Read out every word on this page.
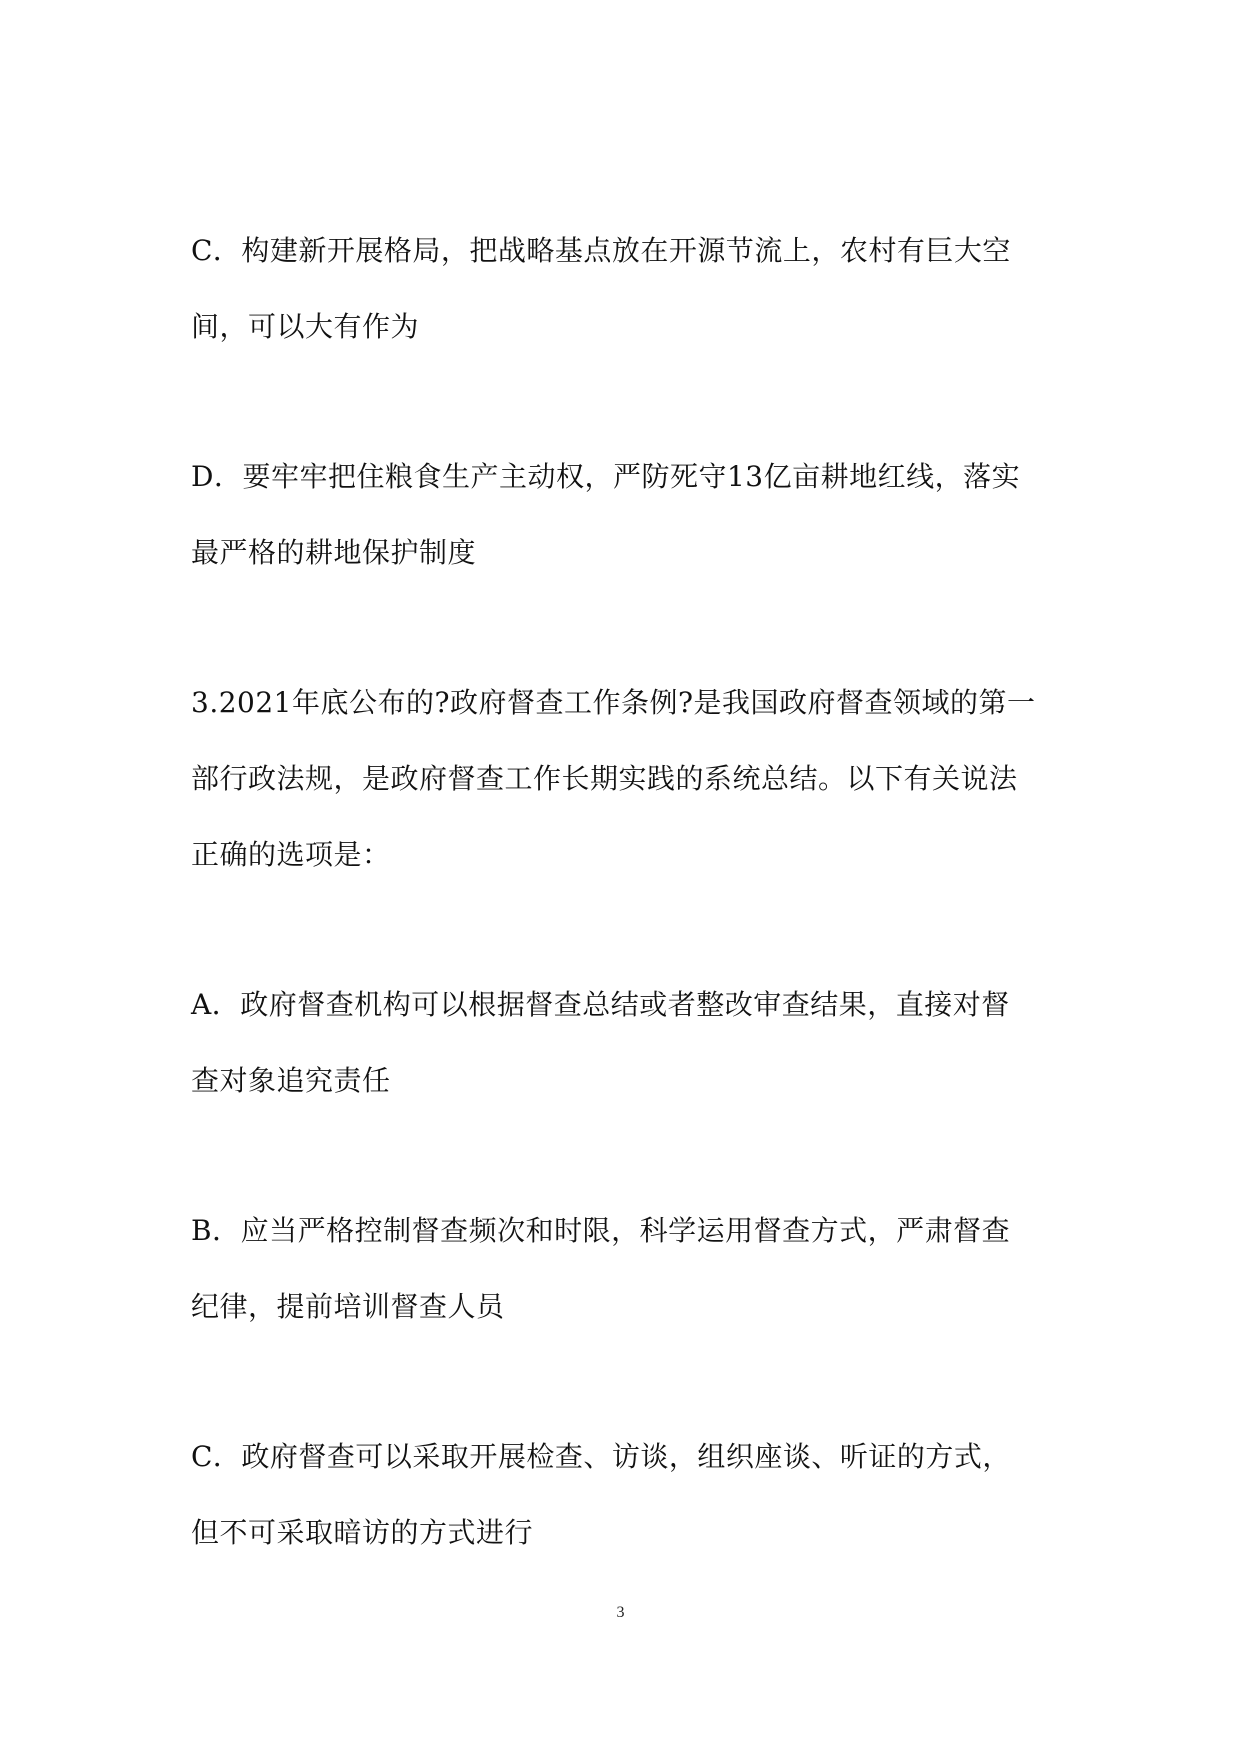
C．构建新开展格局，把战略基点放在开源节流上，农村有巨大空
间，可以大有作为

D．要牢牢把住粮食生产主动权，严防死守13亿亩耕地红线，落实
最严格的耕地保护制度

3.2021年底公布的?政府督查工作条例?是我国政府督查领域的第一
部行政法规，是政府督查工作长期实践的系统总结。以下有关说法
正确的选项是：

A．政府督查机构可以根据督查总结或者整改审查结果，直接对督
查对象追究责任

B．应当严格控制督查频次和时限，科学运用督查方式，严肃督查
纪律，提前培训督查人员

C．政府督查可以采取开展检查、访谈，组织座谈、听证的方式，
但不可采取暗访的方式进行

3
